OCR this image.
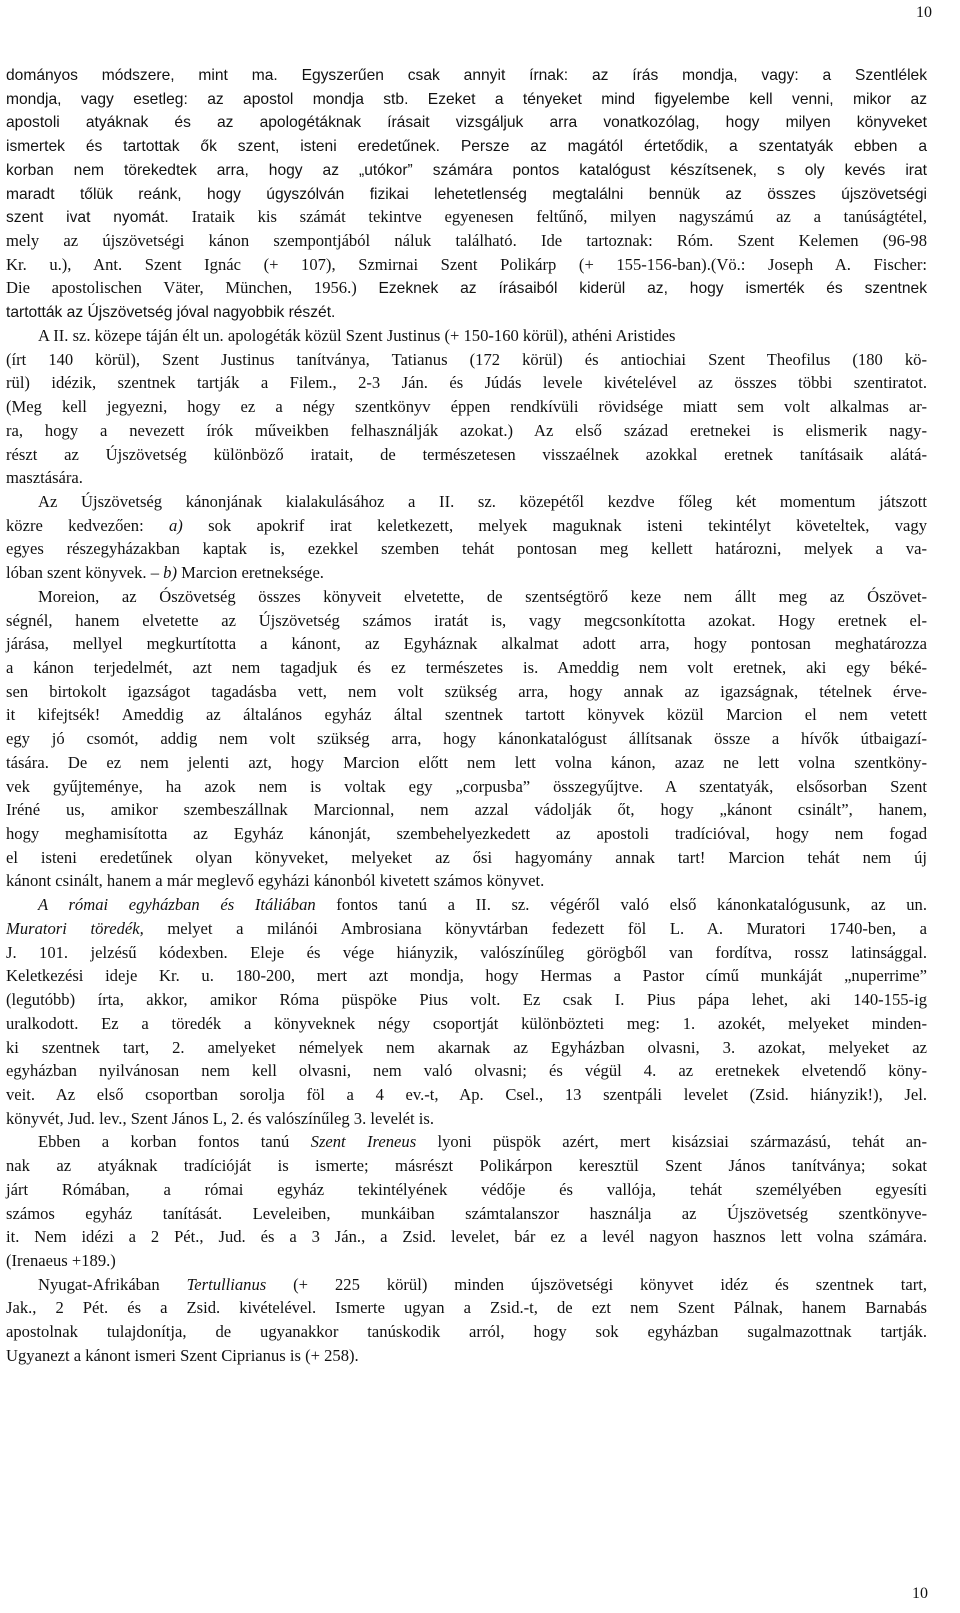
10
dományos módszere, mint ma. Egyszerűen csak annyit írnak: az írás mondja, vagy: a Szentlélek
mondja, vagy esetleg: az apostol mondja stb. Ezeket a tényeket mind figyelembe kell venni, mikor az
apostoli atyáknak és az apologétáknak írásait vizsgáljuk arra vonatkozólag, hogy milyen könyveket
ismertek és tartottak ők szent, isteni eredetűnek. Persze az magától értetődik, a szentatyák ebben a
korban nem törekedtek arra, hogy az „utókor” számára pontos katalógust készítsenek, s oly kevés irat
maradt tőlük reánk, hogy úgyszólván fizikai lehetetlenség megtalálni bennük az összes újszövetségi
szent ivat nyomát. Irataik kis számát tekintve egyenesen feltűnő, milyen nagyszámú az a tanúságtétel,
mely az újszövetségi kánon szempontjából náluk található. Ide tartoznak: Róm. Szent Kelemen (96-98
Kr. u.), Ant. Szent Ignác (+ 107), Szmirnai Szent Polikárp (+ 155-156-ban).(Vö.: Joseph A. Fischer:
Die apostolischen Väter, München, 1956.) Ezeknek az írásaiból kiderül az, hogy ismerték és szentnek
tartották az Újszövetség jóval nagyobbik részét.
A II. sz. közepe táján élt un. apologéták közül Szent Justinus (+ 150-160 körül), athéni Aristides
(írt 140 körül), Szent Justinus tanítványa, Tatianus (172 körül) és antiochiai Szent Theofilus (180 kö-
rül) idézik, szentnek tartják a Filem., 2-3 Ján. és Júdás levele kivételével az összes többi szentiratot.
(Meg kell jegyezni, hogy ez a négy szentkönyv éppen rendkívüli rövidsége miatt sem volt alkalmas ar-
ra, hogy a nevezett írók műveikben felhasználják azokat.) Az első század eretnekei is elismerik nagy-
részt az Újszövetség különböző iratait, de természetesen visszaélnek azokkal eretnek tanításaik alátá-
masztására.
Az Újszövetség kánonjának kialakulásához a II. sz. közepétől kezdve főleg két momentum játszott
közre kedvezően: a) sok apokrif irat keletkezett, melyek maguknak isteni tekintélyt követeltek, vagy
egyes részegyházakban kaptak is, ezekkel szemben tehát pontosan meg kellett határozni, melyek a va-
lóban szent könyvek. – b) Marcion eretneksége.
Moreion, az Ószövetség összes könyveit elvetette, de szentségtörő kezе nem állt meg az Ószövet-
ségnél, hanem elvetette az Újszövetség számos iratát is, vagy megcsonkította azokat. Hogy eretnek el-
járása, mellyel megkurtította a kánont, az Egyháznak alkalmat adott arra, hogy pontosan meghatározza
a kánon terjedelmét, azt nem tagadjuk és ez természetes is. Ameddig nem volt eretnek, aki egy béké-
sen birtokolt igazságot tagadásba vett, nem volt szükség arra, hogy annak az igazságnak, tételnek érve-
it kifejtsék! Ameddig az általános egyház által szentnek tartott könyvek közül Marcion el nem vetett
egy jó csomót, addig nem volt szükség arra, hogy kánonkatalógust állítsanak össze a hívők útbaigazí-
tására. De ez nem jelenti azt, hogy Marcion előtt nem lett volna kánon, azaz ne lett volna szentköny-
vek gyűjteménye, ha azok nem is voltak egy „corpusba” összegyűjtve. A szentatyák, elsősorban Szent
Iréné us, amikor szembeszállnak Marcionnal, nem azzal vádolják őt, hogy „kánont csinált”, hanem,
hogy meghamisította az Egyház kánonját, szembehelyezkedett az apostoli tradícióval, hogy nem fogad
el isteni eredetűnek olyan könyveket, melyeket az ősi hagyomány annak tart! Marcion tehát nem új
kánont csinált, hanem a már meglevő egyházi kánonból kivetett számos könyvet.
A római egyházban és Itáliában fontos tanú a II. sz. végéről való első kánonkatalógusunk, az un.
Muratori töredék, melyet a milánói Ambrosiana könyvtárban fedezett föl L. A. Muratori 1740-ben, a
J. 101. jelzésű kódexben. Eleje és vége hiányzik, valószínűleg görögből van fordítva, rossz latinsággal.
Keletkezési ideje Kr. u. 180-200, mert azt mondja, hogy Hermas a Pastor című munkáját „nuperrime”
(legutóbb) írta, akkor, amikor Róma püspöke Pius volt. Ez csak I. Pius pápa lehet, aki 140-155-ig
uralkodott. Ez a töredék a könyveknek négy csoportját különbözteti meg: 1. azokét, melyeket minden-
ki szentnek tart, 2. amelyeket némelyek nem akarnak az Egyházban olvasni, 3. azokat, melyeket az
egyházban nyilvánosan nem kell olvasni, nem való olvasni; és végül 4. az eretnekek elvetendő köny-
veit. Az első csoportban sorolja föl a 4 ev.-t, Ap. Csel., 13 szentpáli levelet (Zsid. hiányzik!), Jel.
könyvét, Jud. lev., Szent János L, 2. és valószínűleg 3. levelét is.
Ebben a korban fontos tanú Szent Ireneus lyoni püspök azért, mert kisázsiai származású, tehát an-
nak az atyáknak tradícióját is ismerte; másrészt Polikárpon keresztül Szent János tanítványa; sokat
járt Rómában, a római egyház tekintélyének védője és vallója, tehát személyében egyesíti
számos egyház tanítását. Leveleiben, munkáiban számtalanszor használja az Újszövetség szentkönyve-
it. Nem idézi a 2 Pét., Jud. és a 3 Ján., a Zsid. levelet, bár ez a levél nagyon hasznos lett volna számára.
(Irenaeus +189.)
Nyugat-Afrikában Tertullianus (+ 225 körül) minden újszövetségi könyvet idéz és szentnek tart,
Jak., 2 Pét. és a Zsid. kivételével. Ismerte ugyan a Zsid.-t, de ezt nem Szent Pálnak, hanem Barnabás
apostolnak tulajdonítja, de ugyanakkor tanúskodik arról, hogy sok egyházban sugalmazottnak tartják.
Ugyanezt a kánont ismeri Szent Ciprianus is (+ 258).
10
